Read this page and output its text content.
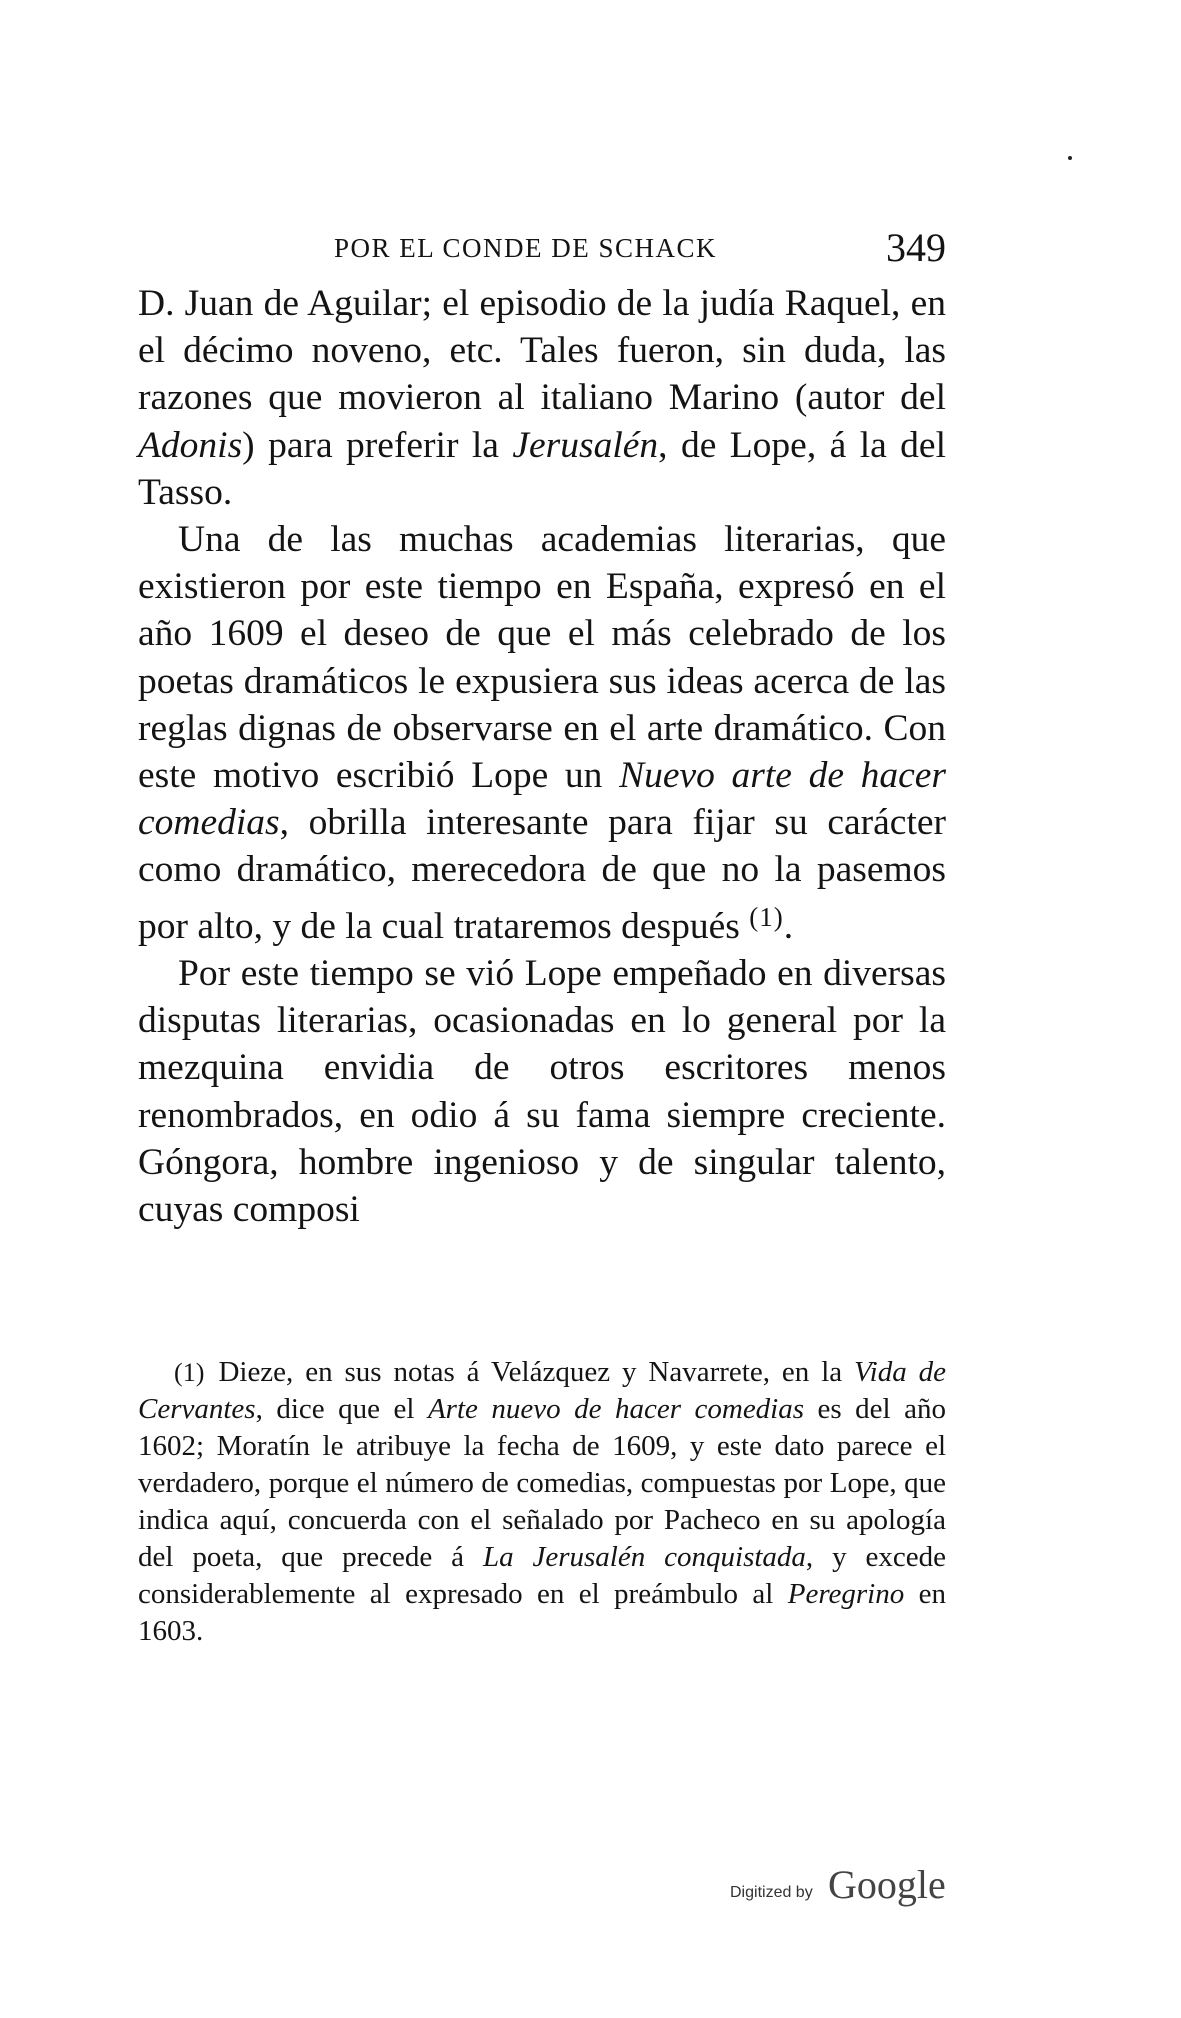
POR EL CONDE DE SCHACK	349

D. Juan de Aguilar; el episodio de la judía Raquel, en el décimo noveno, etc. Tales fueron, sin duda, las razones que movieron al italiano Marino (autor del Adonis) para preferir la Jerusalén, de Lope, á la del Tasso.

Una de las muchas academias literarias, que existieron por este tiempo en España, expresó en el año 1609 el deseo de que el más celebrado de los poetas dramáticos le expusiera sus ideas acerca de las reglas dignas de observarse en el arte dramático. Con este motivo escribió Lope un Nuevo arte de hacer comedias, obrilla interesante para fijar su carácter como dramático, merecedora de que no la pasemos por alto, y de la cual trataremos después $^{(1)}$.

Por este tiempo se vió Lope empeñado en diversas disputas literarias, ocasionadas en lo general por la mezquina envidia de otros escritores menos renombrados, en odio á su fama siempre creciente. Góngora, hombre ingenioso y de singular talento, cuyas composi

(1) Dieze, en sus notas á Velázquez y Navarrete, en la Vida de Cervantes, dice que el Arte nuevo de hacer comedias es del año 1602; Moratín le atribuye la fecha de 1609, y este dato parece el verdadero, porque el número de comedias, compuestas por Lope, que indica aquí, concuerda con el señalado por Pacheco en su apología del poeta, que precede á La Jerusalén conquistada, y excede considerablemente al expresado en el preámbulo al Peregrino en 1603.

Digitized by Google
